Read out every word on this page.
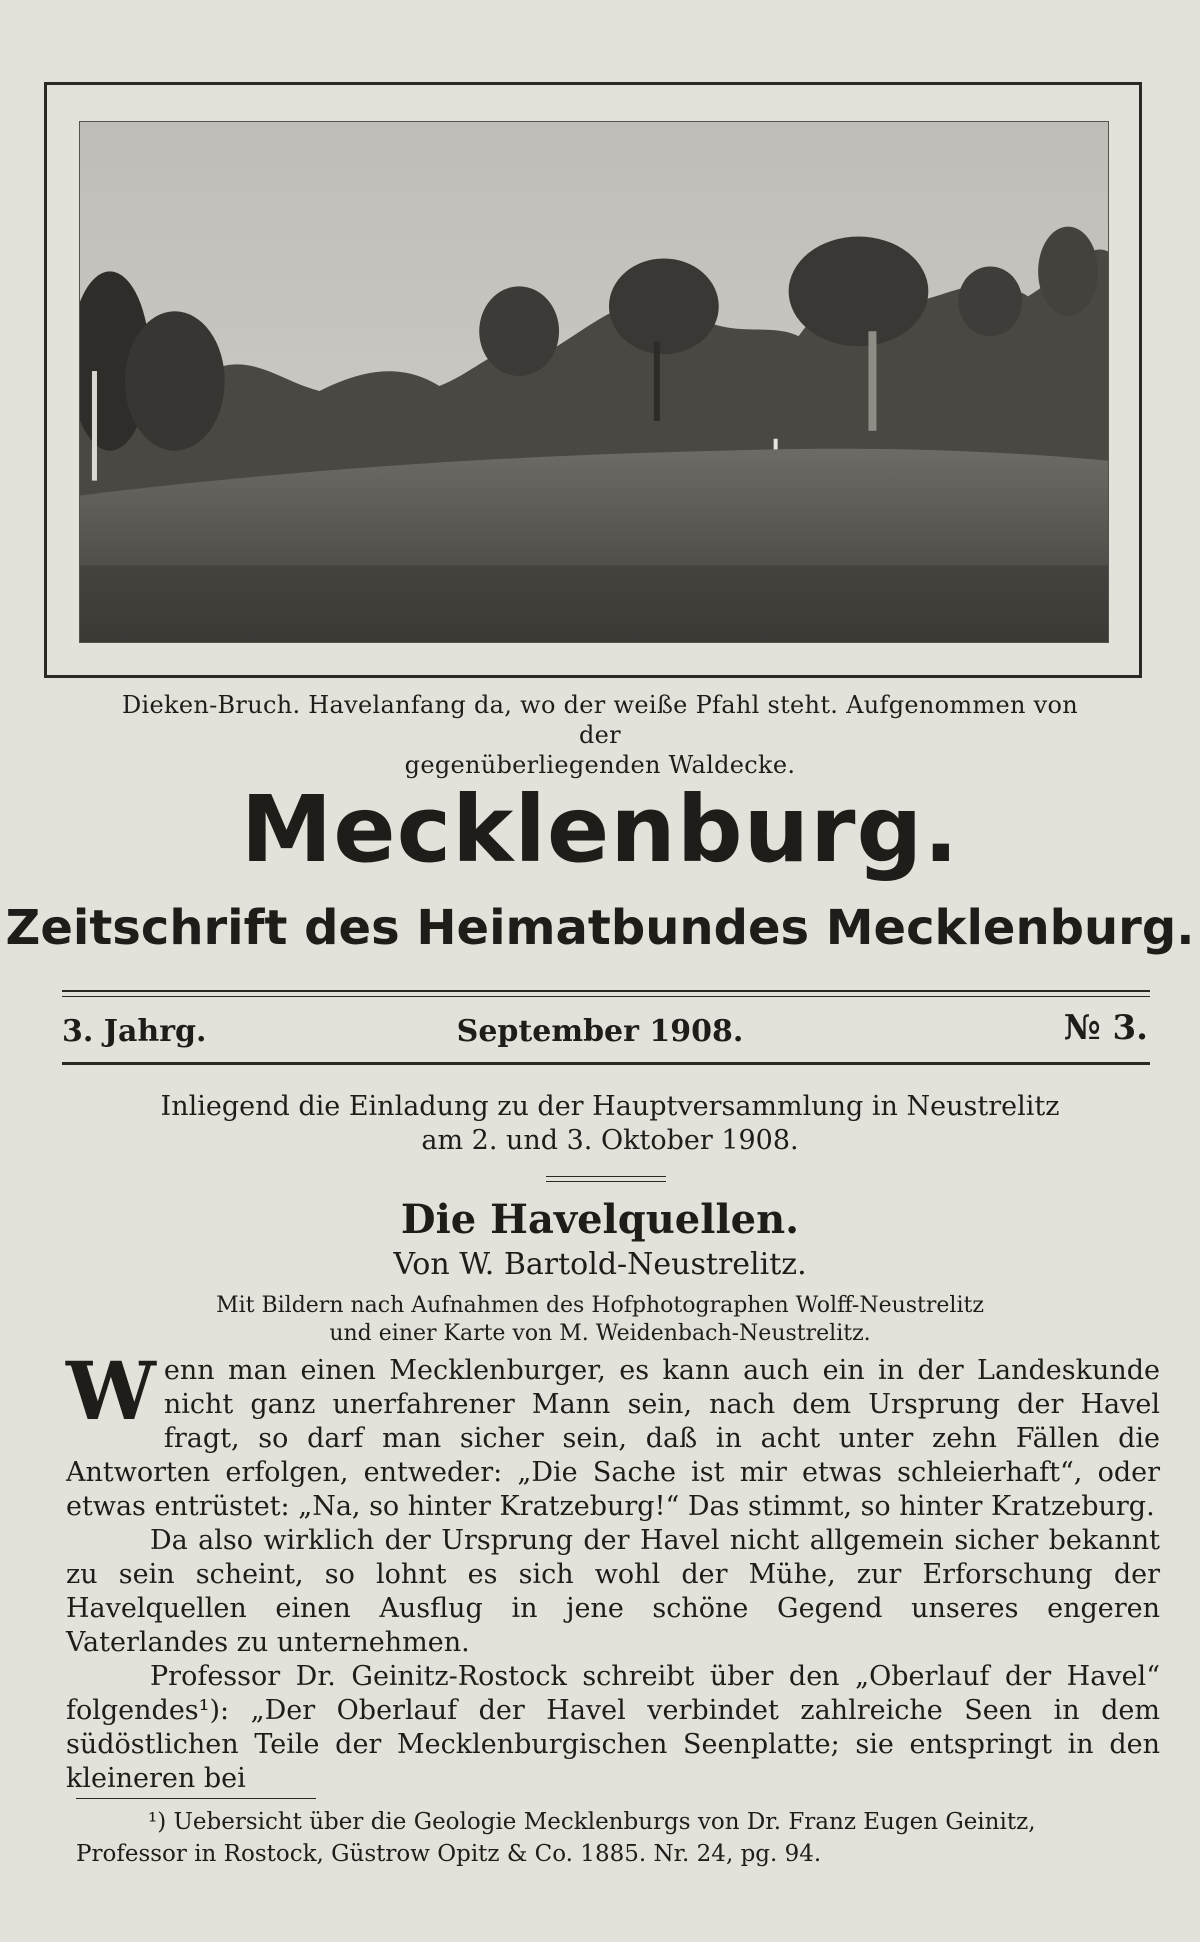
Dieken-Bruch. Havelanfang da, wo der weiße Pfahl steht. Aufgenommen von der
gegenüberliegenden Waldecke.
Mecklenburg.
Zeitschrift des Heimatbundes Mecklenburg.
September 1908.
3. Jahrg.	№ 3.
Inliegend die Einladung zu der Hauptversammlung in Neustrelitz
am 2. und 3. Oktober 1908.
Die Havelquellen.
Von W. Bartold-Neustrelitz.
Mit Bildern nach Aufnahmen des Hofphotographen Wolff-Neustrelitz
und einer Karte von M. Weidenbach-Neustrelitz.

Wenn man einen Mecklenburger, es kann auch ein in der Landeskunde nicht ganz unerfahrener Mann sein, nach dem Ursprung der Havel fragt, so darf man sicher sein, daß in acht unter zehn Fällen die Antworten erfolgen, entweder: „Die Sache ist mir etwas schleierhaft“, oder etwas entrüstet: „Na, so hinter Kratzeburg!“ Das stimmt, so hinter Kratzeburg.

Da also wirklich der Ursprung der Havel nicht allgemein sicher bekannt zu sein scheint, so lohnt es sich wohl der Mühe, zur Erforschung der Havelquellen einen Ausflug in jene schöne Gegend unseres engeren Vaterlandes zu unternehmen.

Professor Dr. Geinitz-Rostock schreibt über den „Oberlauf der Havel“ folgendes¹): „Der Oberlauf der Havel verbindet zahlreiche Seen in dem südöstlichen Teile der Mecklenburgischen Seenplatte; sie entspringt in den kleineren bei

¹) Uebersicht über die Geologie Mecklenburgs von Dr. Franz Eugen Geinitz,
Professor in Rostock, Güstrow Opitz & Co. 1885. Nr. 24, pg. 94.
